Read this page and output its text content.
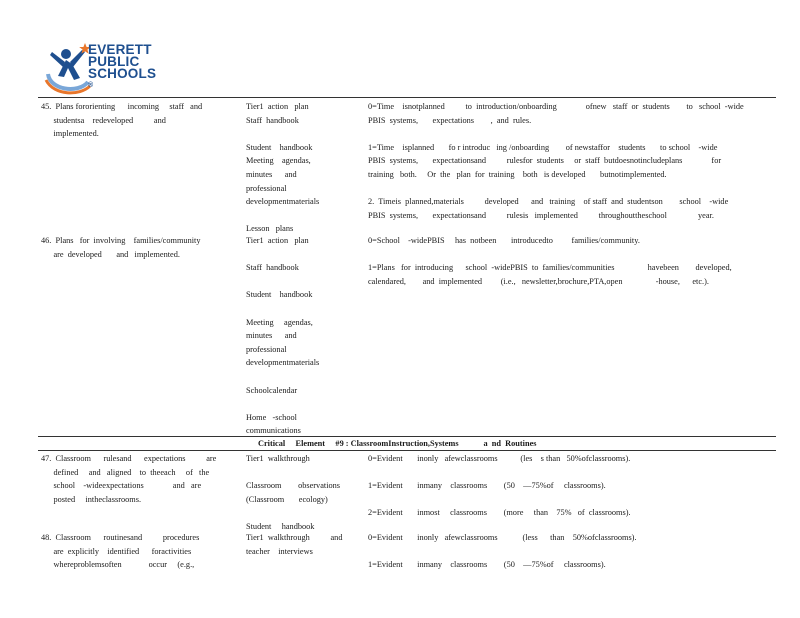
EVERETT
PUBLIC
SCHOOLS
®
Critical     Element     #9 : ClassroomInstruction,Systems            a  nd  Routines
45.  Plans fororienting      incoming     staff   and
studentsa    redeveloped          and
implemented.
Tier1  action   plan
Staff  handbook
Student    handbook
Meeting    agendas,
minutes      and
professional
developmentmaterials
Lesson   plans
0=Time    isnotplanned          to  introduction/onboarding              ofnew   staff  or  students        to   school  -wide
PBIS  systems,       expectations        ,  and  rules.
1=Time    isplanned       fo r introduc   ing /onboarding        of newstaffor    students       to school    -wide
PBIS  systems,       expectationsand          rulesfor  students     or  staff  butdoesnotincludeplans              for
training   both.     Or  the   plan  for  training    both   is developed       butnotimplemented.
2.  Timeis  planned,materials          developed      and   training    of staff  and  studentson        school    -wide
PBIS  systems,       expectationsand          rulesis   implemented          throughouttheschool               year.
46.  Plans   for  involving    families/community
are  developed       and   implemented.
Tier1  action   plan
Staff  handbook
Student    handbook
Meeting     agendas,
minutes      and
professional
developmentmaterials
Schoolcalendar
Home   -school
communications
0=School    -widePBIS     has  notbeen       introducedto         families/community.
1=Plans   for  introducing      school  -widePBIS  to  families/communities                havebeen        developed,
calendared,        and  implemented         (i.e.,   newsletter,brochure,PTA,open                -house,      etc.).
47.  Classroom      rulesand      expectations          are
defined     and   aligned    to  theeach     of   the
school    -wideexpectations              and   are
posted     intheclassrooms.
Tier1  walkthrough
Classroom        observations
(Classroom       ecology)
Student     handbook
0=Evident       inonly   afewclassrooms           (les    s than   50%ofclassrooms).
1=Evident       inmany    classrooms        (50    —75%of     classrooms).
2=Evident       inmost     classrooms        (more     than    75%   of  classrooms).
48.  Classroom      routinesand          procedures
are  explicitly    identified      foractivities
whereproblemsoften             occur     (e.g.,
Tier1  walkthrough          and
teacher    interviews
0=Evident       inonly   afewclassrooms            (less      than    50%ofclassrooms).
1=Evident       inmany    classrooms        (50    —75%of     classrooms).
